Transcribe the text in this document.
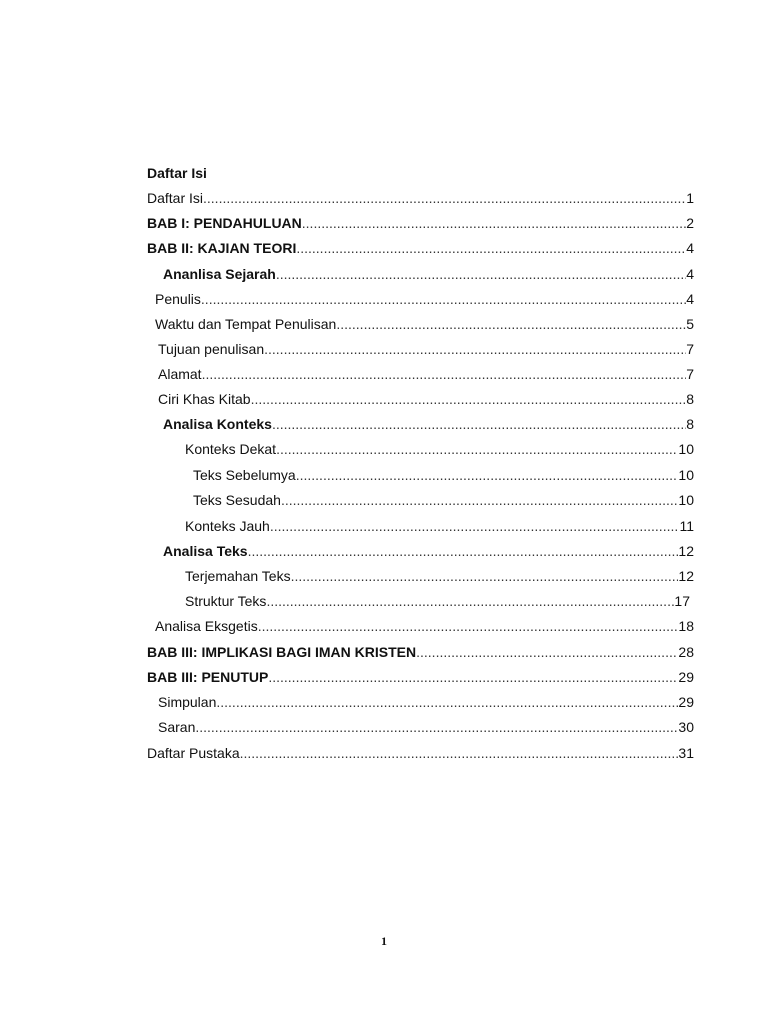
Daftar Isi
Daftar Isi .....	1
BAB I: PENDAHULUAN .....	2
BAB II: KAJIAN TEORI .....	4
Ananlisa Sejarah .....	4
Penulis .....	4
Waktu dan Tempat Penulisan .....	5
Tujuan penulisan .....	7
Alamat .....	7
Ciri Khas Kitab .....	8
Analisa Konteks .....	8
Konteks Dekat .....	10
Teks Sebelumya .....	10
Teks Sesudah .....	10
Konteks Jauh .....	11
Analisa Teks .....	12
Terjemahan Teks .....	12
Struktur Teks .....	17
Analisa Eksgetis .....	18
BAB III: IMPLIKASI BAGI IMAN KRISTEN .....	28
BAB III: PENUTUP .....	29
Simpulan .....	29
Saran .....	30
Daftar Pustaka .....	31
1
